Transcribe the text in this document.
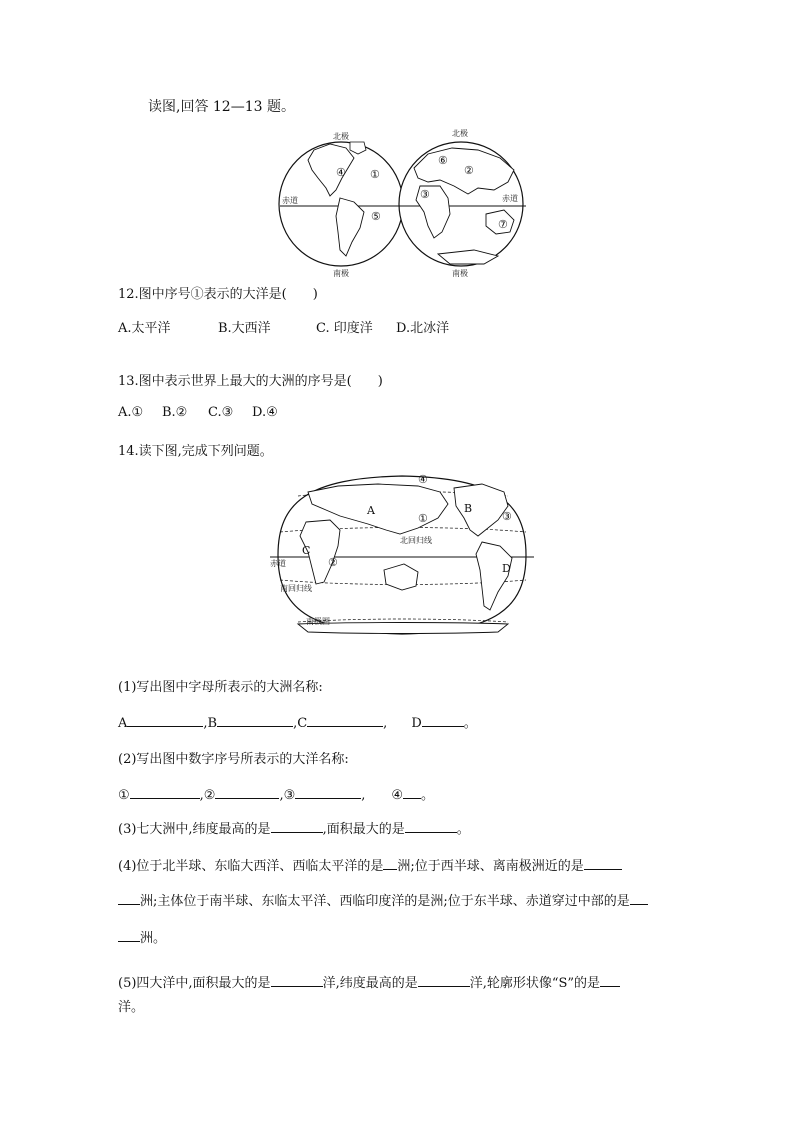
读图,回答 12—13 题。
北极	北极
南极	南极
赤道	赤道
①	②
③
④
⑤
⑥
⑦
12.图中序号①表示的大洋是(　　)
A.太平洋	B.大西洋	C. 印度洋 D.北冰洋
13.图中表示世界上最大的大洲的序号是(　　)
A.① B.② C.③ D.④
14.读下图,完成下列问题。
A	B
C
D
①
②
③
④
赤道
北回归线
南回归线
南极圈
(1)写出图中字母所表示的大洲名称:
A	,B	,C	, D	。
(2)写出图中数字序号所表示的大洋名称:
①	,②	,③	, ④ 。
(3)七大洲中,纬度最高的是	,面积最大的是	。
(4)位于北半球、东临大西洋、西临太平洋的是 洲;位于西半球、离南极洲近的是
洲;主体位于南半球、东临太平洋、西临印度洋的是洲;位于东半球、赤道穿过中部的是
洲。
(5)四大洋中,面积最大的是	洋,纬度最高的是	洋,轮廓形状像“S”的是
洋。
